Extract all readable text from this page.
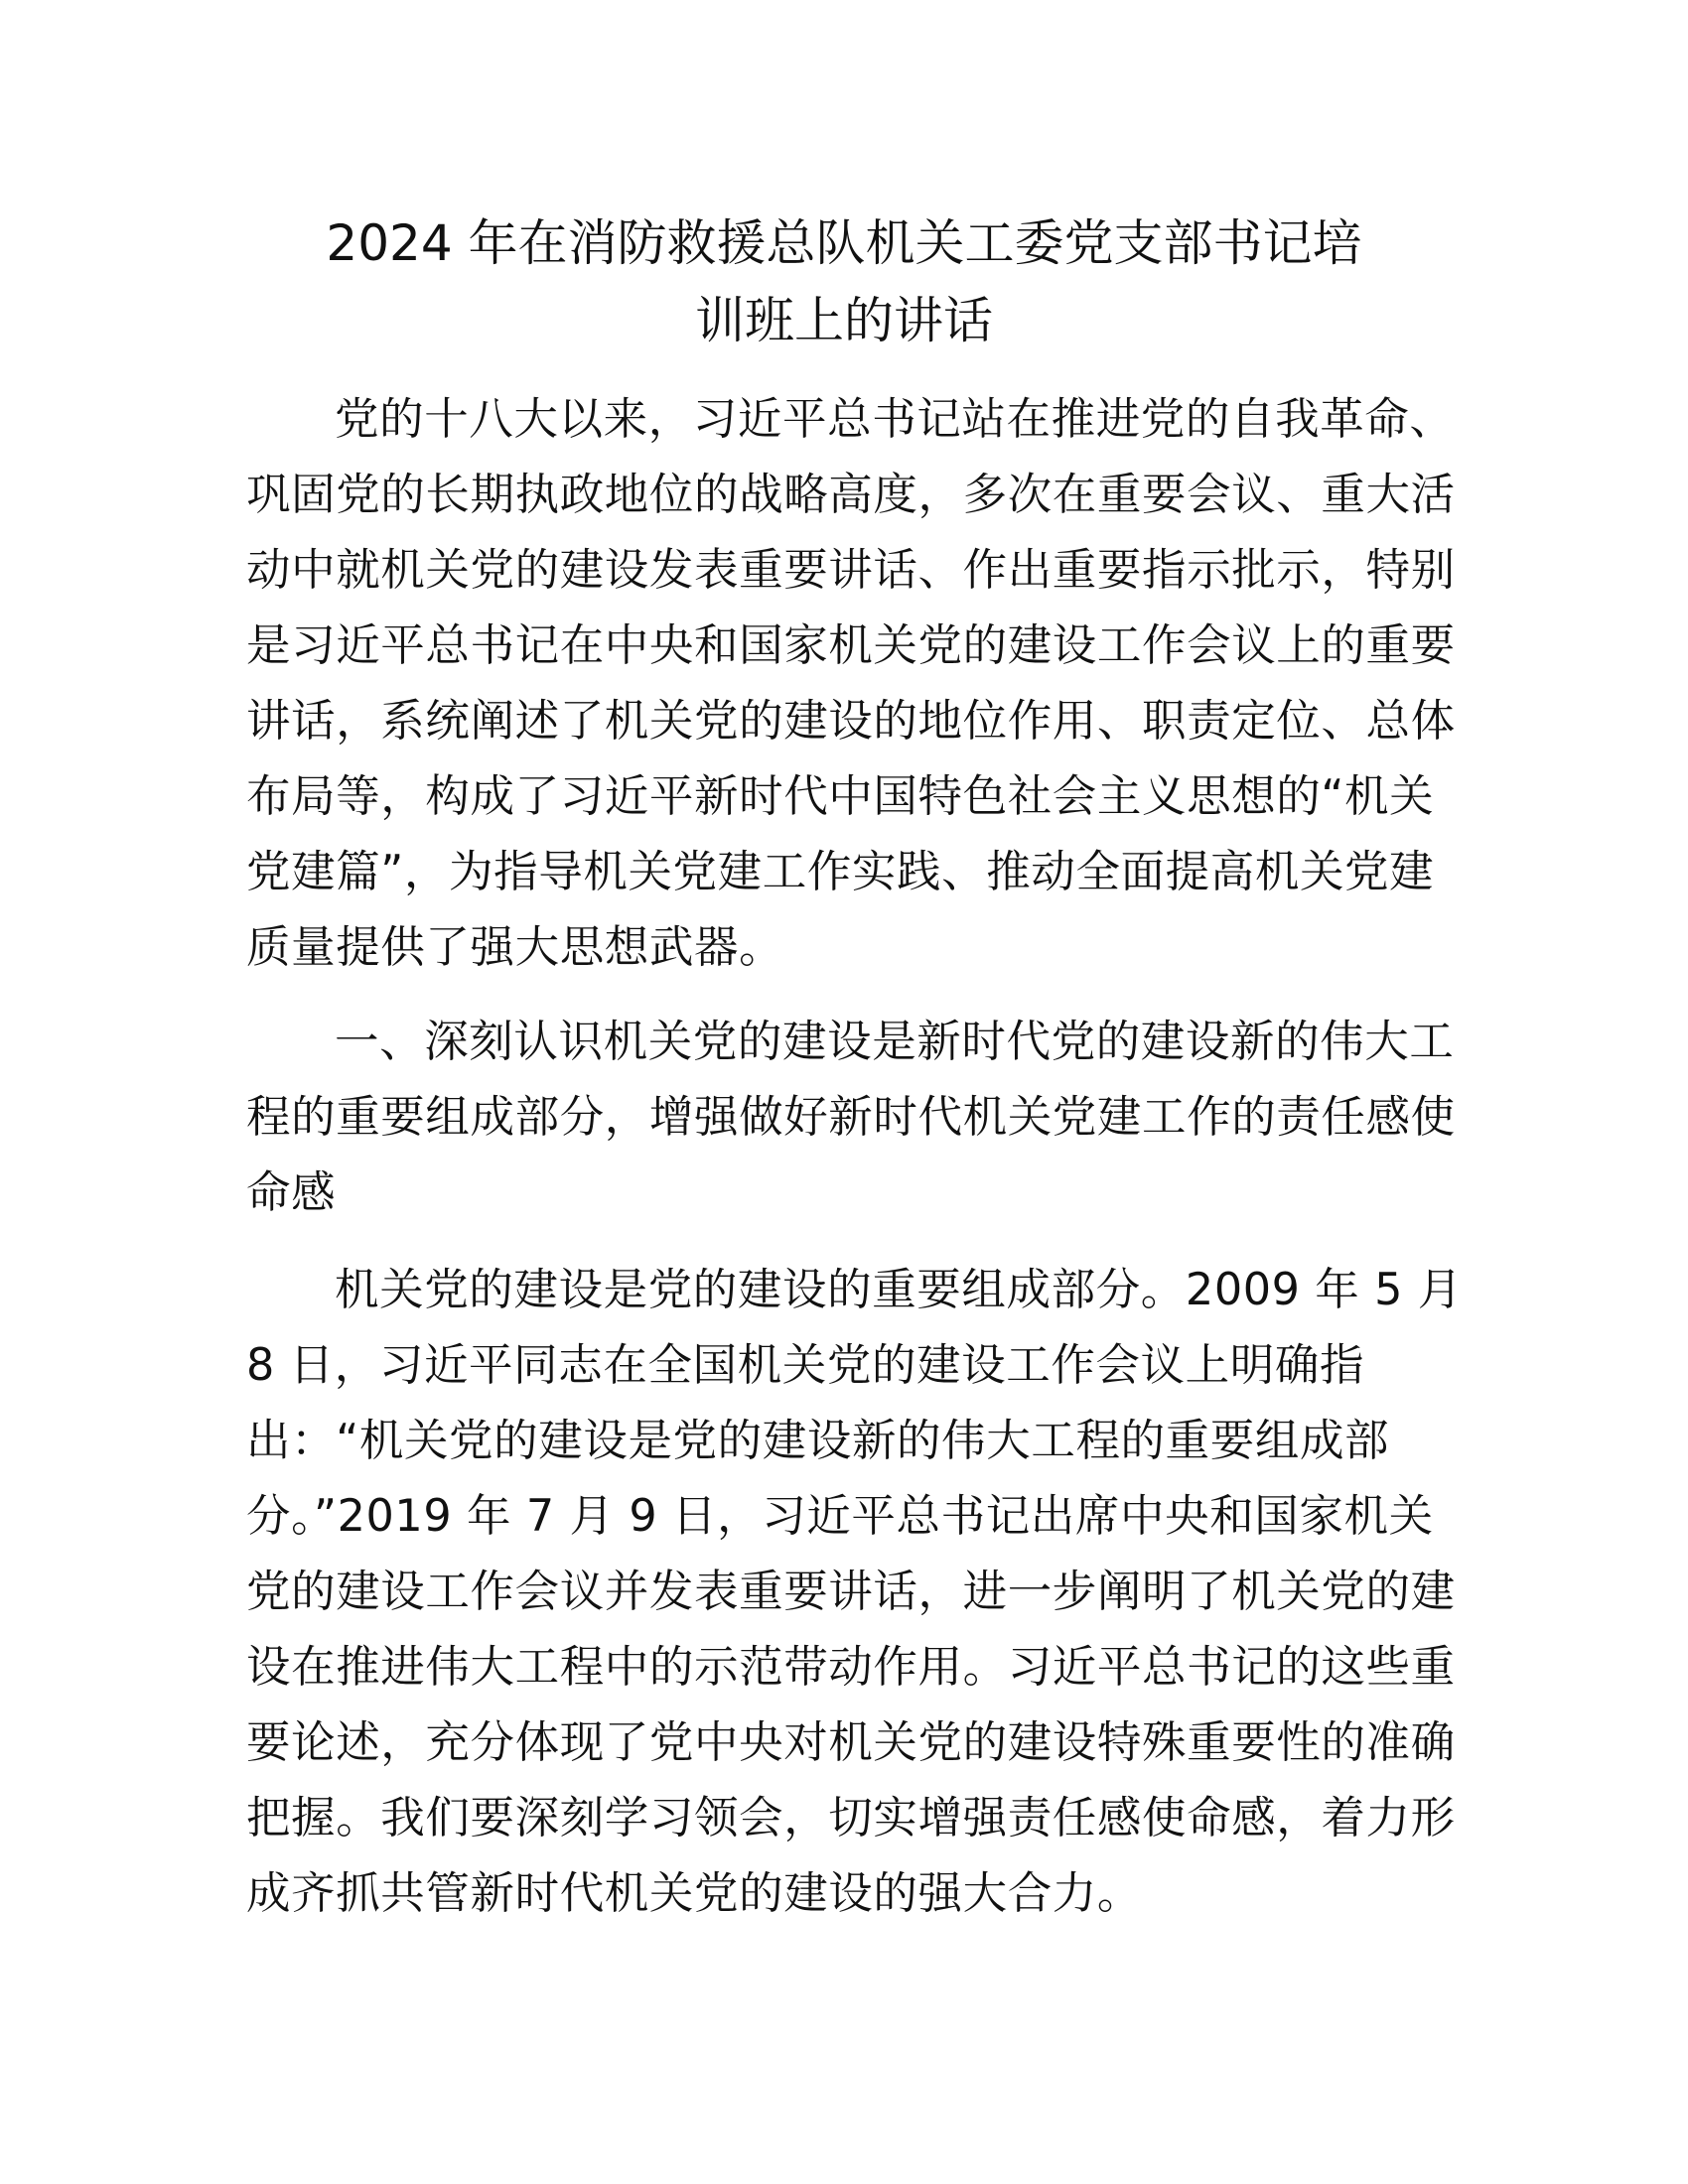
2024 年在消防救援总队机关工委党支部书记培
训班上的讲话
党的十八大以来，习近平总书记站在推进党的自我革命、
巩固党的长期执政地位的战略高度，多次在重要会议、重大活
动中就机关党的建设发表重要讲话、作出重要指示批示，特别
是习近平总书记在中央和国家机关党的建设工作会议上的重要
讲话，系统阐述了机关党的建设的地位作用、职责定位、总体
布局等，构成了习近平新时代中国特色社会主义思想的“机关
党建篇”，为指导机关党建工作实践、推动全面提高机关党建
质量提供了强大思想武器。
一、深刻认识机关党的建设是新时代党的建设新的伟大工
程的重要组成部分，增强做好新时代机关党建工作的责任感使
命感
机关党的建设是党的建设的重要组成部分。2009 年 5 月
8 日，习近平同志在全国机关党的建设工作会议上明确指
出：“机关党的建设是党的建设新的伟大工程的重要组成部
分。”2019 年 7 月 9 日，习近平总书记出席中央和国家机关
党的建设工作会议并发表重要讲话，进一步阐明了机关党的建
设在推进伟大工程中的示范带动作用。习近平总书记的这些重
要论述，充分体现了党中央对机关党的建设特殊重要性的准确
把握。我们要深刻学习领会，切实增强责任感使命感，着力形
成齐抓共管新时代机关党的建设的强大合力。
